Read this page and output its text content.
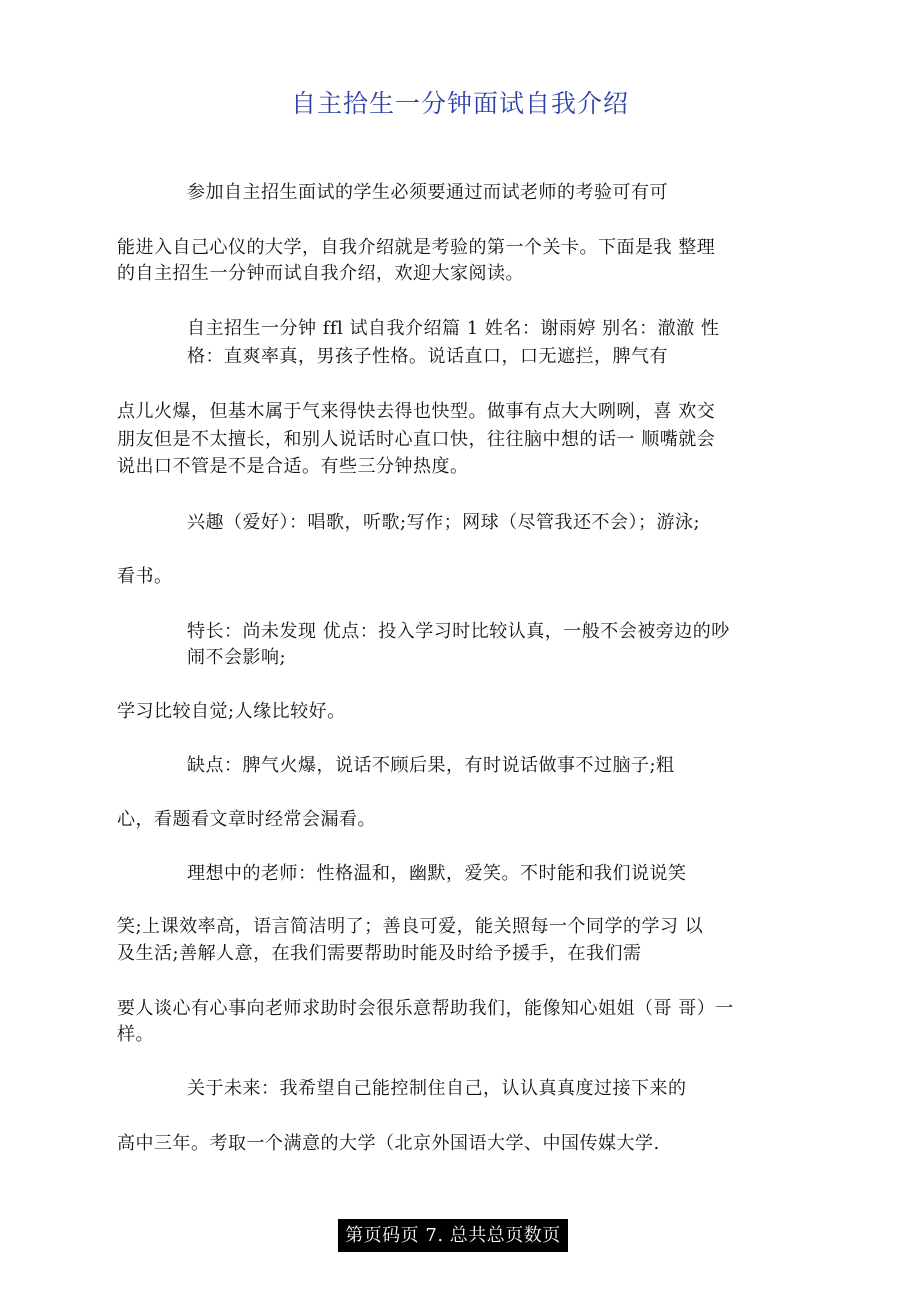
自主拾生一分钟面试自我介绍
参加自主招生面试的学生必须要通过而试老师的考验可有可
能进入自己心仪的大学，自我介绍就是考验的第一个关卡。下面是我 整理
的自主招生一分钟而试自我介绍，欢迎大家阅读。
自主招生一分钟 ffl 试自我介绍篇 1 姓名：谢雨婷 别名：澈澈 性
格：直爽率真，男孩子性格。说话直口，口无遮拦，脾气有
点儿火爆，但基木属于气来得快去得也快型。做事有点大大咧咧，喜 欢交
朋友但是不太擅长，和别人说话时心直口快，往往脑中想的话一 顺嘴就会
说出口不管是不是合适。有些三分钟热度。
兴趣（爱好）：唱歌，听歌;写作；网球（尽管我还不会）；游泳;
看书。
特长：尚未发现 优点：投入学习时比较认真，一般不会被旁边的吵
闹不会影响;
学习比较自觉;人缘比较好。
缺点：脾气火爆，说话不顾后果，有时说话做事不过脑子;粗
心，看题看文章时经常会漏看。
理想中的老师：性格温和，幽默，爱笑。不时能和我们说说笑
笑;上课效率高，语言简洁明了；善良可爱，能关照每一个同学的学习 以
及生活;善解人意，在我们需要帮助时能及时给予援手，在我们需
要人谈心有心事向老师求助时会很乐意帮助我们，能像知心姐姐（哥 哥）一
样。
关于未来：我希望自己能控制住自己，认认真真度过接下来的
高中三年。考取一个满意的大学（北京外国语大学、中国传媒大学.
第页码页 7. 总共总页数页
